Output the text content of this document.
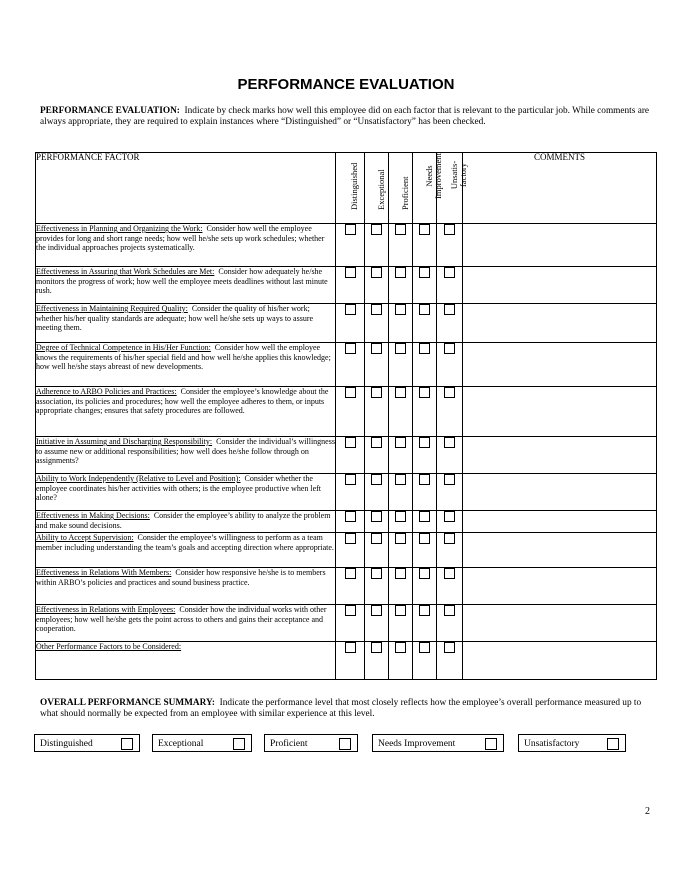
PERFORMANCE EVALUATION
PERFORMANCE EVALUATION: Indicate by check marks how well this employee did on each factor that is relevant to the particular job. While comments are always appropriate, they are required to explain instances where “Distinguished” or “Unsatisfactory” has been checked.
PERFORMANCE FACTOR	Distinguished	Exceptional	Proficient	Needs Improvement	Unsatis-factory	COMMENTS
Effectiveness in Planning and Organizing the Work: Consider how well the employee provides for long and short range needs; how well he/she sets up work schedules; whether the individual approaches projects systematically.						
Effectiveness in Assuring that Work Schedules are Met: Consider how adequately he/she monitors the progress of work; how well the employee meets deadlines without last minute rush.						
Effectiveness in Maintaining Required Quality: Consider the quality of his/her work; whether his/her quality standards are adequate; how well he/she sets up ways to assure meeting them.						
Degree of Technical Competence in His/Her Function: Consider how well the employee knows the requirements of his/her special field and how well he/she applies this knowledge; how well he/she stays abreast of new developments.						
Adherence to ARBO Policies and Practices: Consider the employee’s knowledge about the association, its policies and procedures; how well the employee adheres to them, or inputs appropriate changes; ensures that safety procedures are followed.						
Initiative in Assuming and Discharging Responsibility: Consider the individual’s willingness to assume new or additional responsibilities; how well does he/she follow through on assignments?						
Ability to Work Independently (Relative to Level and Position): Consider whether the employee coordinates his/her activities with others; is the employee productive when left alone?						
Effectiveness in Making Decisions: Consider the employee’s ability to analyze the problem and make sound decisions.						
Ability to Accept Supervision: Consider the employee’s willingness to perform as a team member including understanding the team’s goals and accepting direction where appropriate.						
Effectiveness in Relations With Members: Consider how responsive he/she is to members within ARBO’s policies and practices and sound business practice.						
Effectiveness in Relations with Employees: Consider how the individual works with other employees; how well he/she gets the point across to others and gains their acceptance and cooperation.						
Other Performance Factors to be Considered:						
OVERALL PERFORMANCE SUMMARY: Indicate the performance level that most closely reflects how the employee’s overall performance measured up to what should normally be expected from an employee with similar experience at this level.
Distinguished	Exceptional	Proficient	Needs Improvement	Unsatisfactory
2
